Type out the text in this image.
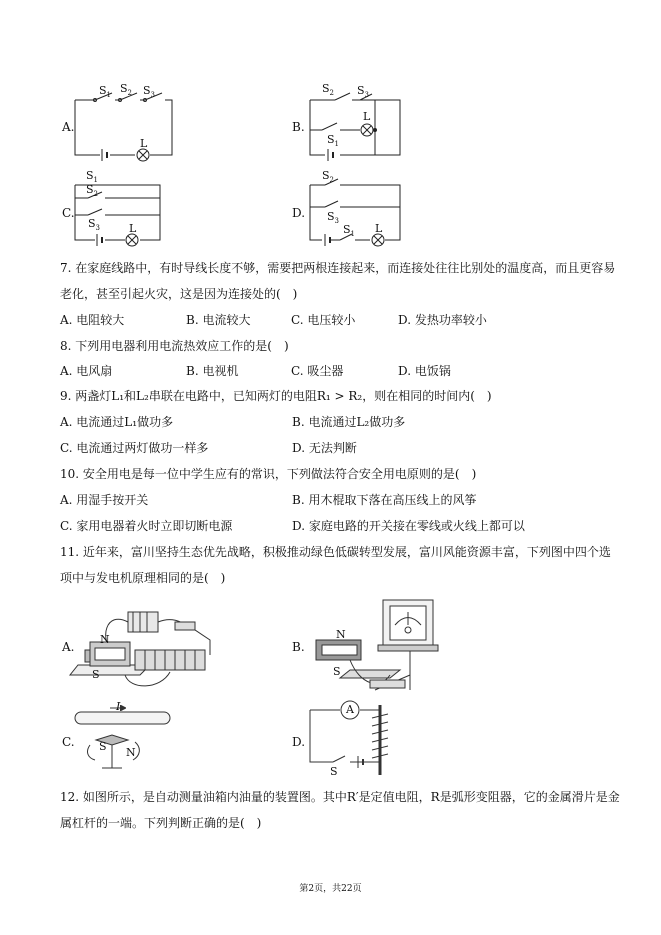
A.
$S_1$
$S_2$ $S_3$
L
B.
$S_2$ $S_3$
$S_1$
L
C.
$S_1$
$S_2$
$S_3$	L
D.
$S_2$
$S_3$
$S_1$ L
7. 在家庭线路中，有时导线长度不够，需要把两根连接起来，而连接处往往比别处的温度高，而且更容易
老化，甚至引起火灾，这是因为连接处的(　)
A. 电阻较大	B. 电流较大	C. 电压较小	D. 发热功率较小
8. 下列用电器利用电流热效应工作的是(　)
A. 电风扇	B. 电视机	C. 吸尘器	D. 电饭锅
9. 两盏灯L₁和L₂串联在电路中，已知两灯的电阻R₁ > R₂，则在相同的时间内(　)
A. 电流通过L₁做功多	B. 电流通过L₂做功多
C. 电流通过两灯做功一样多	D. 无法判断
10. 安全用电是每一位中学生应有的常识，下列做法符合安全用电原则的是(　)
A. 用湿手按开关	B. 用木棍取下落在高压线上的风筝
C. 家用电器着火时立即切断电源	D. 家庭电路的开关接在零线或火线上都可以
11. 近年来，富川坚持生态优先战略，积极推动绿色低碳转型发展，富川风能资源丰富，下列图中四个选
项中与发电机原理相同的是(　)
A.
N
S
B.
N
S
C.
I
S N
D.
A
S
12. 如图所示，是自动测量油箱内油量的装置图。其中R′是定值电阻，R是弧形变阻器，它的金属滑片是金
属杠杆的一端。下列判断正确的是(　)
第2页，共22页
